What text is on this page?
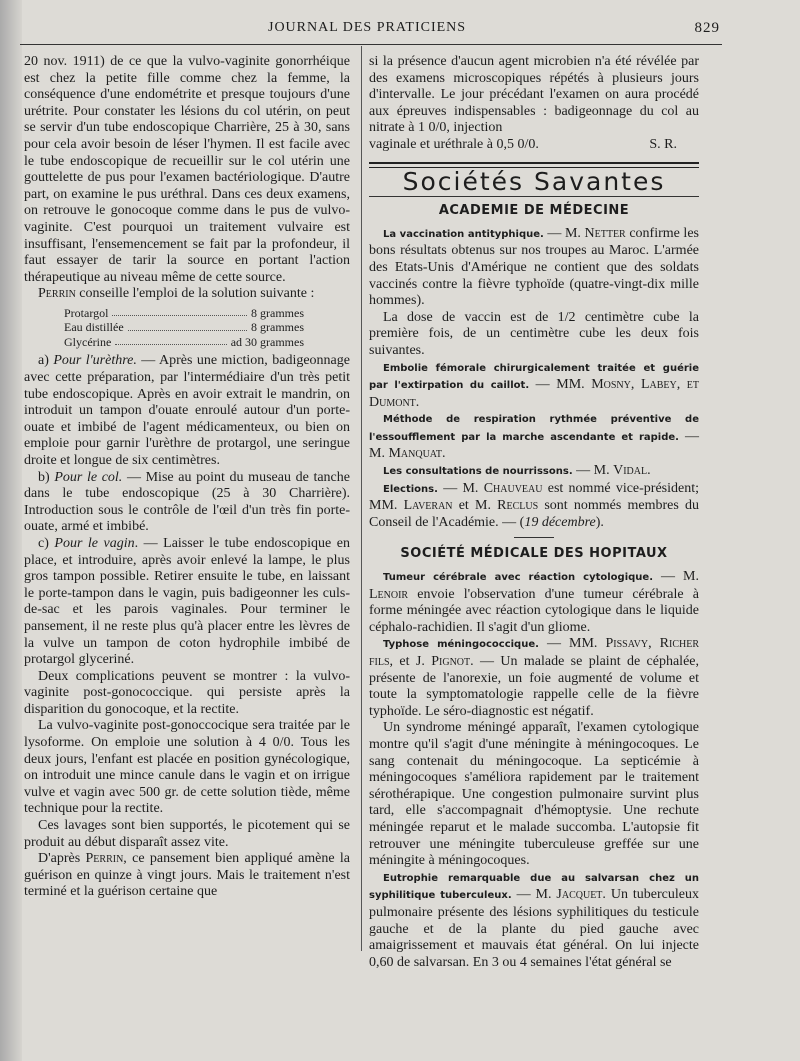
JOURNAL DES PRATICIENS	829

20 nov. 1911) de ce que la vulvo-vaginite gonorrhéique est chez la petite fille comme chez la femme, la conséquence d'une endométrite et presque toujours d'une urétrite. Pour constater les lésions du col utérin, on peut se servir d'un tube endoscopique Charrière, 25 à 30, sans pour cela avoir besoin de léser l'hymen. Il est facile avec le tube endoscopique de recueillir sur le col utérin une gouttelette de pus pour l'examen bactériologique. D'autre part, on examine le pus uréthral. Dans ces deux examens, on retrouve le gonocoque comme dans le pus de vulvo-vaginite. C'est pourquoi un traitement vulvaire est insuffisant, l'ensemencement se fait par la profondeur, il faut essayer de tarir la source en portant l'action thérapeutique au niveau même de cette source.

Perrin conseille l'emploi de la solution suivante :

Protargol	8 grammes
Eau distillée	8 grammes
Glycérine	ad 30 grammes

a) Pour l'urèthre. — Après une miction, badigeonnage avec cette préparation, par l'intermédiaire d'un très petit tube endoscopique. Après en avoir extrait le mandrin, on introduit un tampon d'ouate enroulé autour d'un porte-ouate et imbibé de l'agent médicamenteux, ou bien on emploie pour garnir l'urèthre de protargol, une seringue droite et longue de six centimètres.

b) Pour le col. — Mise au point du museau de tanche dans le tube endoscopique (25 à 30 Charrière). Introduction sous le contrôle de l'œil d'un très fin porte-ouate, armé et imbibé.

c) Pour le vagin. — Laisser le tube endoscopique en place, et introduire, après avoir enlevé la lampe, le plus gros tampon possible. Retirer ensuite le tube, en laissant le porte-tampon dans le vagin, puis badigeonner les culs-de-sac et les parois vaginales. Pour terminer le pansement, il ne reste plus qu'à placer entre les lèvres de la vulve un tampon de coton hydrophile imbibé de protargol glyceriné.

Deux complications peuvent se montrer : la vulvo-vaginite post-gonococcique. qui persiste après la disparition du gonocoque, et la rectite.

La vulvo-vaginite post-gonoccocique sera traitée par le lysoforme. On emploie une solution à 4 0/0. Tous les deux jours, l'enfant est placée en position gynécologique, on introduit une mince canule dans le vagin et on irrigue vulve et vagin avec 500 gr. de cette solution tiède, même technique pour la rectite.

Ces lavages sont bien supportés, le picotement qui se produit au début disparaît assez vite.

D'après Perrin, ce pansement bien appliqué amène la guérison en quinze à vingt jours. Mais le traitement n'est terminé et la guérison certaine que

si la présence d'aucun agent microbien n'a été révélée par des examens microscopiques répétés à plusieurs jours d'intervalle. Le jour précédant l'examen on aura procédé aux épreuves indispensables : badigeonnage du col au nitrate à 1 0/0, injection

vaginale et uréthrale à 0,5 0/0.	S. R.
Sociétés Savantes
ACADEMIE DE MÉDECINE

La vaccination antityphique. — M. Netter confirme les bons résultats obtenus sur nos troupes au Maroc. L'armée des Etats-Unis d'Amérique ne contient que des soldats vaccinés contre la fièvre typhoïde (quatre-vingt-dix mille hommes).

La dose de vaccin est de 1/2 centimètre cube la première fois, de un centimètre cube les deux fois suivantes.

Embolie fémorale chirurgicalement traitée et guérie par l'extirpation du caillot. — MM. Mosny, Labey, et Dumont.

Méthode de respiration rythmée préventive de l'essoufflement par la marche ascendante et rapide. — M. Manquat.

Les consultations de nourrissons. — M. Vidal.

Elections. — M. Chauveau est nommé vice-président; MM. Laveran et M. Reclus sont nommés membres du Conseil de l'Académie. — (19 décembre).

SOCIÉTÉ MÉDICALE DES HOPITAUX

Tumeur cérébrale avec réaction cytologique. — M. Lenoir envoie l'observation d'une tumeur cérébrale à forme méningée avec réaction cytologique dans le liquide céphalo-rachidien. Il s'agit d'un gliome.

Typhose méningococcique. — MM. Pissavy, Richer fils, et J. Pignot. — Un malade se plaint de céphalée, présente de l'anorexie, un foie augmenté de volume et toute la symptomatologie rappelle celle de la fièvre typhoïde. Le séro-diagnostic est négatif.

Un syndrome méningé apparaît, l'examen cytologique montre qu'il s'agit d'une méningite à méningocoques. Le sang contenait du méningocoque. La septicémie à méningocoques s'améliora rapidement par le traitement sérothérapique. Une congestion pulmonaire survint plus tard, elle s'accompagnait d'hémoptysie. Une rechute méningée reparut et le malade succomba. L'autopsie fit retrouver une méningite tuberculeuse greffée sur une méningite à méningocoques.

Eutrophie remarquable due au salvarsan chez un syphilitique tuberculeux. — M. Jacquet. Un tuberculeux pulmonaire présente des lésions syphilitiques du testicule gauche et de la plante du pied gauche avec amaigrissement et mauvais état général. On lui injecte 0,60 de salvarsan. En 3 ou 4 semaines l'état général se
